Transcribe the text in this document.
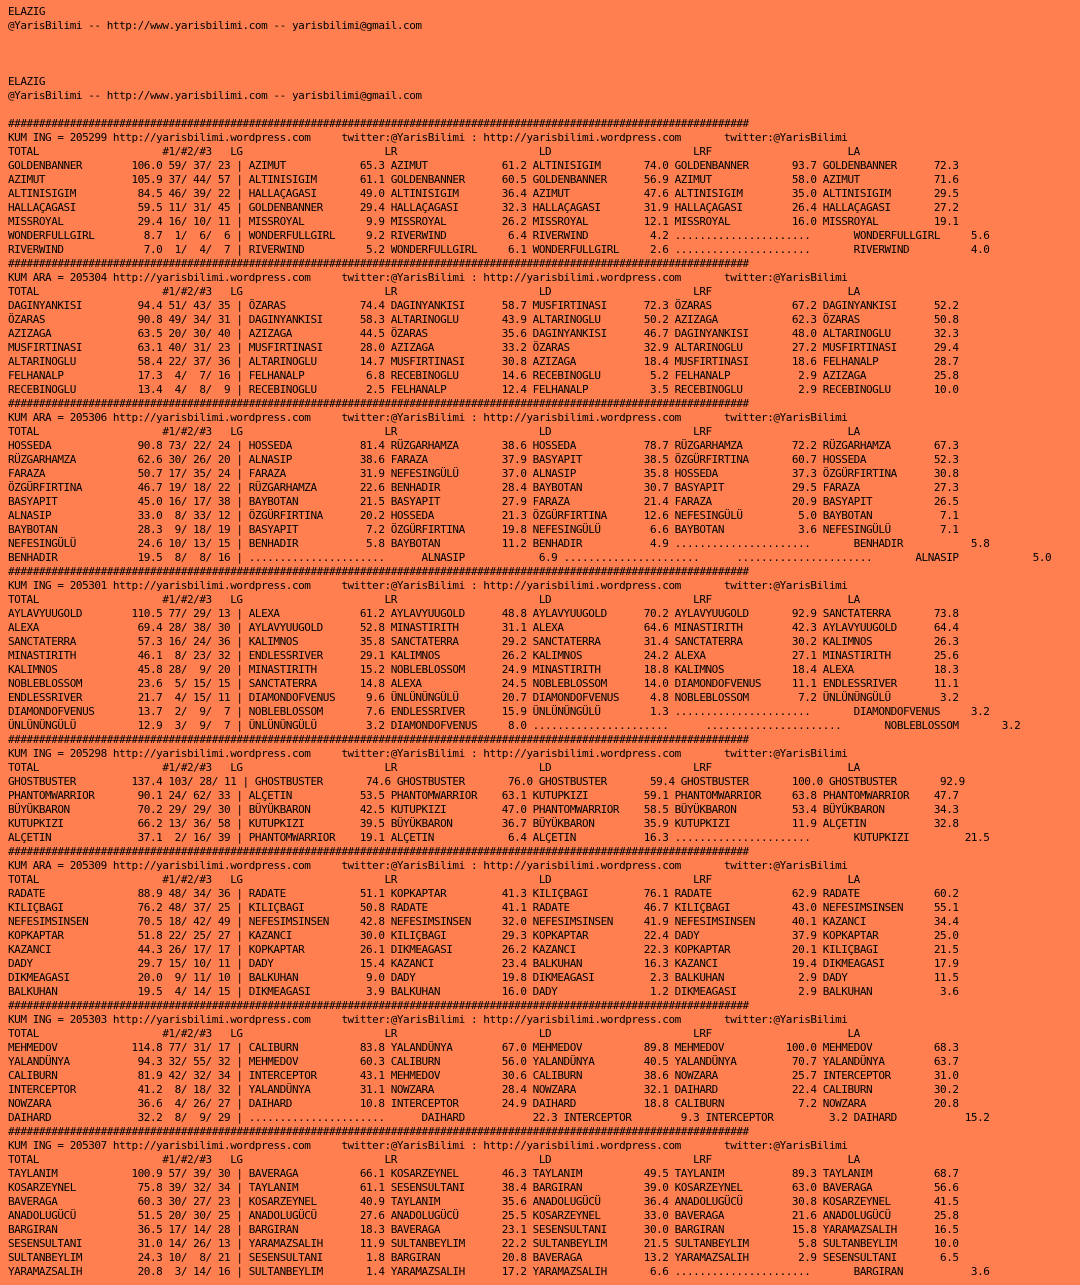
ELAZIG
@YarisBilimi -- http://www.yarisbilimi.com -- yarisbilimi@gmail.com
ELAZIG
@YarisBilimi -- http://www.yarisbilimi.com -- yarisbilimi@gmail.com
########################################################################################################################
KUM ING = 205299 http://yarisbilimi.wordpress.com     twitter:@YarisBilimi : http://yarisbilimi.wordpress.com       twitter:@YarisBilimi
TOTAL                    #1/#2/#3   LG                       LR                       LD                       LRF                      LA
GOLDENBANNER        106.0 59/ 37/ 23 | AZIMUT            65.3 AZIMUT            61.2 ALTINISIGIM       74.0 GOLDENBANNER       93.7 GOLDENBANNER      72.3
AZIMUT              105.9 37/ 44/ 57 | ALTINISIGIM       61.1 GOLDENBANNER      60.5 GOLDENBANNER      56.9 AZIMUT             58.0 AZIMUT            71.6
ALTINISIGIM          84.5 46/ 39/ 22 | HALLAÇAGASI       49.0 ALTINISIGIM       36.4 AZIMUT            47.6 ALTINISIGIM        35.0 ALTINISIGIM       29.5
HALLAÇAGASI          59.5 11/ 31/ 45 | GOLDENBANNER      29.4 HALLAÇAGASI       32.3 HALLAÇAGASI       31.9 HALLAÇAGASI        26.4 HALLAÇAGASI       27.2
MISSROYAL            29.4 16/ 10/ 11 | MISSROYAL          9.9 MISSROYAL         26.2 MISSROYAL         12.1 MISSROYAL          16.0 MISSROYAL         19.1
WONDERFULLGIRL        8.7  1/  6/  6 | WONDERFULLGIRL     9.2 RIVERWIND          6.4 RIVERWIND          4.2 ......................       WONDERFULLGIRL     5.6
RIVERWIND             7.0  1/  4/  7 | RIVERWIND          5.2 WONDERFULLGIRL     6.1 WONDERFULLGIRL     2.6 ......................       RIVERWIND          4.0
########################################################################################################################
KUM ARA = 205304 http://yarisbilimi.wordpress.com     twitter:@YarisBilimi : http://yarisbilimi.wordpress.com       twitter:@YarisBilimi
TOTAL                    #1/#2/#3   LG                       LR                       LD                       LRF                      LA
DAGINYANKISI         94.4 51/ 43/ 35 | ÖZARAS            74.4 DAGINYANKISI      58.7 MUSFIRTINASI      72.3 ÖZARAS             67.2 DAGINYANKISI      52.2
ÖZARAS               90.8 49/ 34/ 31 | DAGINYANKISI      58.3 ALTARINOGLU       43.9 ALTARINOGLU       50.2 AZIZAGA            62.3 ÖZARAS            50.8
AZIZAGA              63.5 20/ 30/ 40 | AZIZAGA           44.5 ÖZARAS            35.6 DAGINYANKISI      46.7 DAGINYANKISI       48.0 ALTARINOGLU       32.3
MUSFIRTINASI         63.1 40/ 31/ 23 | MUSFIRTINASI      28.0 AZIZAGA           33.2 ÖZARAS            32.9 ALTARINOGLU        27.2 MUSFIRTINASI      29.4
ALTARINOGLU          58.4 22/ 37/ 36 | ALTARINOGLU       14.7 MUSFIRTINASI      30.8 AZIZAGA           18.4 MUSFIRTINASI       18.6 FELHANALP         28.7
FELHANALP            17.3  4/  7/ 16 | FELHANALP          6.8 RECEBINOGLU       14.6 RECEBINOGLU        5.2 FELHANALP           2.9 AZIZAGA           25.8
RECEBINOGLU          13.4  4/  8/  9 | RECEBINOGLU        2.5 FELHANALP         12.4 FELHANALP          3.5 RECEBINOGLU         2.9 RECEBINOGLU       10.0
########################################################################################################################
KUM ARA = 205306 http://yarisbilimi.wordpress.com     twitter:@YarisBilimi : http://yarisbilimi.wordpress.com       twitter:@YarisBilimi
TOTAL                    #1/#2/#3   LG                       LR                       LD                       LRF                      LA
HOSSEDA              90.8 73/ 22/ 24 | HOSSEDA           81.4 RÜZGARHAMZA       38.6 HOSSEDA           78.7 RÜZGARHAMZA        72.2 RÜZGARHAMZA       67.3
RÜZGARHAMZA          62.6 30/ 26/ 20 | ALNASIP           38.6 FARAZA            37.9 BASYAPIT          38.5 ÖZGÜRFIRTINA       60.7 HOSSEDA           52.3
FARAZA               50.7 17/ 35/ 24 | FARAZA            31.9 NEFESINGÜLÜ       37.0 ALNASIP           35.8 HOSSEDA            37.3 ÖZGÜRFIRTINA      30.8
ÖZGÜRFIRTINA         46.7 19/ 18/ 22 | RÜZGARHAMZA       22.6 BENHADIR          28.4 BAYBOTAN          30.7 BASYAPIT           29.5 FARAZA            27.3
BASYAPIT             45.0 16/ 17/ 38 | BAYBOTAN          21.5 BASYAPIT          27.9 FARAZA            21.4 FARAZA             20.9 BASYAPIT          26.5
ALNASIP              33.0  8/ 33/ 12 | ÖZGÜRFIRTINA      20.2 HOSSEDA           21.3 ÖZGÜRFIRTINA      12.6 NEFESINGÜLÜ         5.0 BAYBOTAN           7.1
BAYBOTAN             28.3  9/ 18/ 19 | BASYAPIT           7.2 ÖZGÜRFIRTINA      19.8 NEFESINGÜLÜ        6.6 BAYBOTAN            3.6 NEFESINGÜLÜ        7.1
NEFESINGÜLÜ          24.6 10/ 13/ 15 | BENHADIR           5.8 BAYBOTAN          11.2 BENHADIR           4.9 ......................       BENHADIR           5.8
BENHADIR             19.5  8/  8/ 16 | ......................      ALNASIP            6.9 ......................      ......................       ALNASIP            5.0
########################################################################################################################
KUM ING = 205301 http://yarisbilimi.wordpress.com     twitter:@YarisBilimi : http://yarisbilimi.wordpress.com       twitter:@YarisBilimi
TOTAL                    #1/#2/#3   LG                       LR                       LD                       LRF                      LA
AYLAVYUUGOLD        110.5 77/ 29/ 13 | ALEXA             61.2 AYLAVYUUGOLD      48.8 AYLAVYUUGOLD      70.2 AYLAVYUUGOLD       92.9 SANCTATERRA       73.8
ALEXA                69.4 28/ 38/ 30 | AYLAVYUUGOLD      52.8 MINASTIRITH       31.1 ALEXA             64.6 MINASTIRITH        42.3 AYLAVYUUGOLD      64.4
SANCTATERRA          57.3 16/ 24/ 36 | KALIMNOS          35.8 SANCTATERRA       29.2 SANCTATERRA       31.4 SANCTATERRA        30.2 KALIMNOS          26.3
MINASTIRITH          46.1  8/ 23/ 32 | ENDLESSRIVER      29.1 KALIMNOS          26.2 KALIMNOS          24.2 ALEXA              27.1 MINASTIRITH       25.6
KALIMNOS             45.8 28/  9/ 20 | MINASTIRITH       15.2 NOBLEBLOSSOM      24.9 MINASTIRITH       18.8 KALIMNOS           18.4 ALEXA             18.3
NOBLEBLOSSOM         23.6  5/ 15/ 15 | SANCTATERRA       14.8 ALEXA             24.5 NOBLEBLOSSOM      14.0 DIAMONDOFVENUS     11.1 ENDLESSRIVER      11.1
ENDLESSRIVER         21.7  4/ 15/ 11 | DIAMONDOFVENUS     9.6 ÜNLÜNÜNGÜLÜ       20.7 DIAMONDOFVENUS     4.8 NOBLEBLOSSOM        7.2 ÜNLÜNÜNGÜLÜ        3.2
DIAMONDOFVENUS       13.7  2/  9/  7 | NOBLEBLOSSOM       7.6 ENDLESSRIVER      15.9 ÜNLÜNÜNGÜLÜ        1.3 ......................       DIAMONDOFVENUS     3.2
ÜNLÜNÜNGÜLÜ          12.9  3/  9/  7 | ÜNLÜNÜNGÜLÜ        3.2 DIAMONDOFVENUS     8.0 ......................      ......................       NOBLEBLOSSOM       3.2
########################################################################################################################
KUM ING = 205298 http://yarisbilimi.wordpress.com     twitter:@YarisBilimi : http://yarisbilimi.wordpress.com       twitter:@YarisBilimi
TOTAL                    #1/#2/#3   LG                       LR                       LD                       LRF                      LA
GHOSTBUSTER         137.4 103/ 28/ 11 | GHOSTBUSTER       74.6 GHOSTBUSTER       76.0 GHOSTBUSTER       59.4 GHOSTBUSTER       100.0 GHOSTBUSTER       92.9
PHANTOMWARRIOR       90.1 24/ 62/ 33 | ALÇETIN           53.5 PHANTOMWARRIOR    63.1 KUTUPKIZI         59.1 PHANTOMWARRIOR     63.8 PHANTOMWARRIOR    47.7
BÜYÜKBARON           70.2 29/ 29/ 30 | BÜYÜKBARON        42.5 KUTUPKIZI         47.0 PHANTOMWARRIOR    58.5 BÜYÜKBARON         53.4 BÜYÜKBARON        34.3
KUTUPKIZI            66.2 13/ 36/ 58 | KUTUPKIZI         39.5 BÜYÜKBARON        36.7 BÜYÜKBARON        35.9 KUTUPKIZI          11.9 ALÇETIN           32.8
ALÇETIN              37.1  2/ 16/ 39 | PHANTOMWARRIOR    19.1 ALÇETIN            6.4 ALÇETIN           16.3 ......................       KUTUPKIZI         21.5
########################################################################################################################
KUM ARA = 205309 http://yarisbilimi.wordpress.com     twitter:@YarisBilimi : http://yarisbilimi.wordpress.com       twitter:@YarisBilimi
TOTAL                    #1/#2/#3   LG                       LR                       LD                       LRF                      LA
RADATE               88.9 48/ 34/ 36 | RADATE            51.1 KOPKAPTAR         41.3 KILIÇBAGI         76.1 RADATE             62.9 RADATE            60.2
KILIÇBAGI            76.2 48/ 37/ 25 | KILIÇBAGI         50.8 RADATE            41.1 RADATE            46.7 KILIÇBAGI          43.0 NEFESIMSINSEN     55.1
NEFESIMSINSEN        70.5 18/ 42/ 49 | NEFESIMSINSEN     42.8 NEFESIMSINSEN     32.0 NEFESIMSINSEN     41.9 NEFESIMSINSEN      40.1 KAZANCI           34.4
KOPKAPTAR            51.8 22/ 25/ 27 | KAZANCI           30.0 KILIÇBAGI         29.3 KOPKAPTAR         22.4 DADY               37.9 KOPKAPTAR         25.0
KAZANCI              44.3 26/ 17/ 17 | KOPKAPTAR         26.1 DIKMEAGASI        26.2 KAZANCI           22.3 KOPKAPTAR          20.1 KILIÇBAGI         21.5
DADY                 29.7 15/ 10/ 11 | DADY              15.4 KAZANCI           23.4 BALKUHAN          16.3 KAZANCI            19.4 DIKMEAGASI        17.9
DIKMEAGASI           20.0  9/ 11/ 10 | BALKUHAN           9.0 DADY              19.8 DIKMEAGASI         2.3 BALKUHAN            2.9 DADY              11.5
BALKUHAN             19.5  4/ 14/ 15 | DIKMEAGASI         3.9 BALKUHAN          16.0 DADY               1.2 DIKMEAGASI          2.9 BALKUHAN           3.6
########################################################################################################################
KUM ING = 205303 http://yarisbilimi.wordpress.com     twitter:@YarisBilimi : http://yarisbilimi.wordpress.com       twitter:@YarisBilimi
TOTAL                    #1/#2/#3   LG                       LR                       LD                       LRF                      LA
MEHMEDOV            114.8 77/ 31/ 17 | CALIBURN          83.8 YALANDÜNYA        67.0 MEHMEDOV          89.8 MEHMEDOV          100.0 MEHMEDOV          68.3
YALANDÜNYA           94.3 32/ 55/ 32 | MEHMEDOV          60.3 CALIBURN          56.0 YALANDÜNYA        40.5 YALANDÜNYA         70.7 YALANDÜNYA        63.7
CALIBURN             81.9 42/ 32/ 34 | INTERCEPTOR       43.1 MEHMEDOV          30.6 CALIBURN          38.6 NOWZARA            25.7 INTERCEPTOR       31.0
INTERCEPTOR          41.2  8/ 18/ 32 | YALANDÜNYA        31.1 NOWZARA           28.4 NOWZARA           32.1 DAIHARD            22.4 CALIBURN          30.2
NOWZARA              36.6  4/ 26/ 27 | DAIHARD           10.8 INTERCEPTOR       24.9 DAIHARD           18.8 CALIBURN            7.2 NOWZARA           20.8
DAIHARD              32.2  8/  9/ 29 | ......................      DAIHARD           22.3 INTERCEPTOR        9.3 INTERCEPTOR         3.2 DAIHARD           15.2
########################################################################################################################
KUM ING = 205307 http://yarisbilimi.wordpress.com     twitter:@YarisBilimi : http://yarisbilimi.wordpress.com       twitter:@YarisBilimi
TOTAL                    #1/#2/#3   LG                       LR                       LD                       LRF                      LA
TAYLANIM            100.9 57/ 39/ 30 | BAVERAGA          66.1 KOSARZEYNEL       46.3 TAYLANIM          49.5 TAYLANIM           89.3 TAYLANIM          68.7
KOSARZEYNEL          75.8 39/ 32/ 34 | TAYLANIM          61.1 SESENSULTANI      38.4 BARGIRAN          39.0 KOSARZEYNEL        63.0 BAVERAGA          56.6
BAVERAGA             60.3 30/ 27/ 23 | KOSARZEYNEL       40.9 TAYLANIM          35.6 ANADOLUGÜCÜ       36.4 ANADOLUGÜCÜ        30.8 KOSARZEYNEL       41.5
ANADOLUGÜCÜ          51.5 20/ 30/ 25 | ANADOLUGÜCÜ       27.6 ANADOLUGÜCÜ       25.5 KOSARZEYNEL       33.0 BAVERAGA           21.6 ANADOLUGÜCÜ       25.8
BARGIRAN             36.5 17/ 14/ 28 | BARGIRAN          18.3 BAVERAGA          23.1 SESENSULTANI      30.0 BARGIRAN           15.8 YARAMAZSALIH      16.5
SESENSULTANI         31.0 14/ 26/ 13 | YARAMAZSALIH      11.9 SULTANBEYLIM      22.2 SULTANBEYLIM      21.5 SULTANBEYLIM        5.8 SULTANBEYLIM      10.0
SULTANBEYLIM         24.3 10/  8/ 21 | SESENSULTANI       1.8 BARGIRAN          20.8 BAVERAGA          13.2 YARAMAZSALIH        2.9 SESENSULTANI       6.5
YARAMAZSALIH         20.8  3/ 14/ 16 | SULTANBEYLIM       1.4 YARAMAZSALIH      17.2 YARAMAZSALIH       6.6 ......................       BARGIRAN           3.6
